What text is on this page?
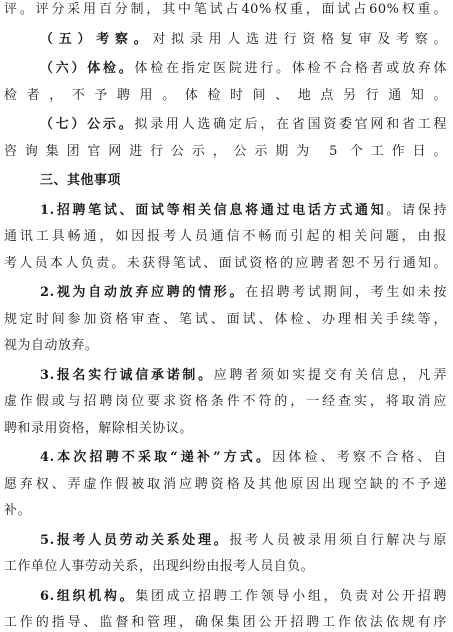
评。评分采用百分制，其中笔试占40%权重，面试占60%权重。
（五）考察。对拟录用人选进行资格复审及考察。
（六）体检。体检在指定医院进行。体检不合格者或放弃体
检者，不予聘用。体检时间、地点另行通知。
（七）公示。拟录用人选确定后，在省国资委官网和省工程
咨询集团官网进行公示，公示期为 5 个工作日。
三、其他事项
1.招聘笔试、面试等相关信息将通过电话方式通知。请保持
通讯工具畅通，如因报考人员通信不畅而引起的相关问题，由报
考人员本人负责。未获得笔试、面试资格的应聘者恕不另行通知。
2.视为自动放弃应聘的情形。在招聘考试期间，考生如未按
规定时间参加资格审查、笔试、面试、体检、办理相关手续等，
视为自动放弃。
3.报名实行诚信承诺制。应聘者须如实提交有关信息，凡弄
虚作假或与招聘岗位要求资格条件不符的，一经查实，将取消应
聘和录用资格，解除相关协议。
4.本次招聘不采取“递补”方式。因体检、考察不合格、自
愿弃权、弄虚作假被取消应聘资格及其他原因出现空缺的不予递
补。
5.报考人员劳动关系处理。报考人员被录用须自行解决与原
工作单位人事劳动关系，出现纠纷由报考人员自负。
6.组织机构。集团成立招聘工作领导小组，负责对公开招聘
工作的指导、监督和管理，确保集团公开招聘工作依法依规有序
